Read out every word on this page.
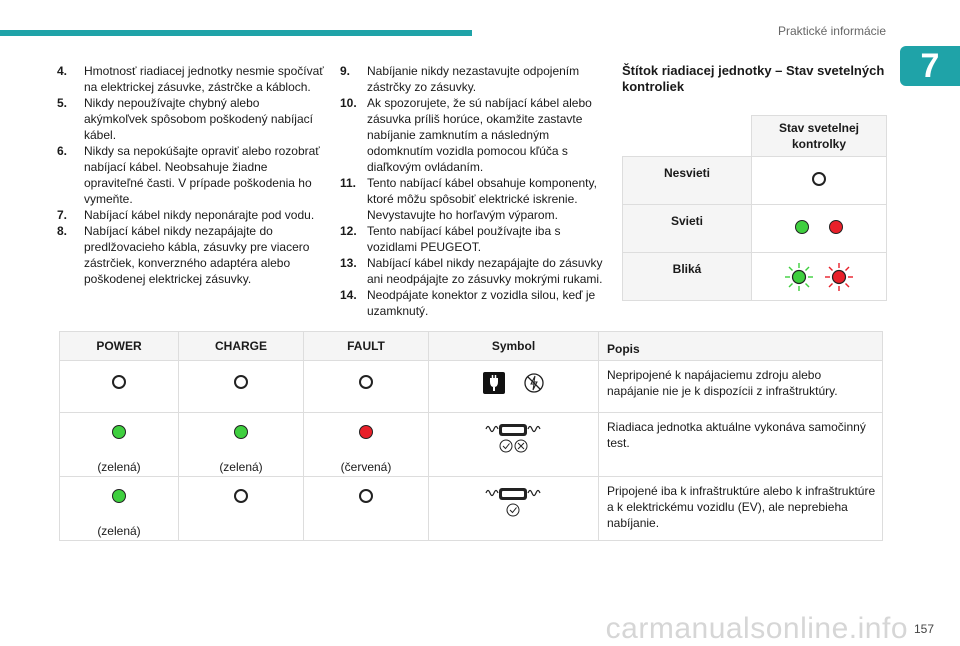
Praktické informácie
7
4.	Hmotnosť riadiacej jednotky nesmie spočívať na elektrickej zásuvke, zástrčke a kábloch.
5.	Nikdy nepoužívajte chybný alebo akýmkoľvek spôsobom poškodený nabíjací kábel.
6.	Nikdy sa nepokúšajte opraviť alebo rozobrať nabíjací kábel. Neobsahuje žiadne opraviteľné časti. V prípade poškodenia ho vymeňte.
7.	Nabíjací kábel nikdy neponárajte pod vodu.
8.	Nabíjací kábel nikdy nezapájajte do predlžovacieho kábla, zásuvky pre viacero zástrčiek, konverzného adaptéra alebo poškodenej elektrickej zásuvky.
9.	Nabíjanie nikdy nezastavujte odpojením zástrčky zo zásuvky.
10. Ak spozorujete, že sú nabíjací kábel alebo zásuvka príliš horúce, okamžite zastavte nabíjanie zamknutím a následným odomknutím vozidla pomocou kľúča s diaľkovým ovládaním.
11. Tento nabíjací kábel obsahuje komponenty, ktoré môžu spôsobiť elektrické iskrenie. Nevystavujte ho horľavým výparom.
12. Tento nabíjací kábel používajte iba s vozidlami PEUGEOT.
13. Nabíjací kábel nikdy nezapájajte do zásuvky ani neodpájajte zo zásuvky mokrými rukami.
14. Neodpájate konektor z vozidla silou, keď je uzamknutý.
Štítok riadiacej jednotky – Stav svetelných kontroliek
	Stav svetelnej kontrolky
Nesvieti	
Svieti	
Bliká	
POWER	CHARGE	FAULT	Symbol	Popis
				Nepripojené k napájaciemu zdroju alebo napájanie nie je k dispozícii z infraštruktúry.

(zelená)	(zelená)	(červená)		Riadiaca jednotka aktuálne vykonáva samočinný test.

(zelená)				Pripojené iba k infraštruktúre alebo k infraštruktúre a k elektrickému vozidlu (EV), ale neprebieha nabíjanie.
carmanualsonline.info 157
